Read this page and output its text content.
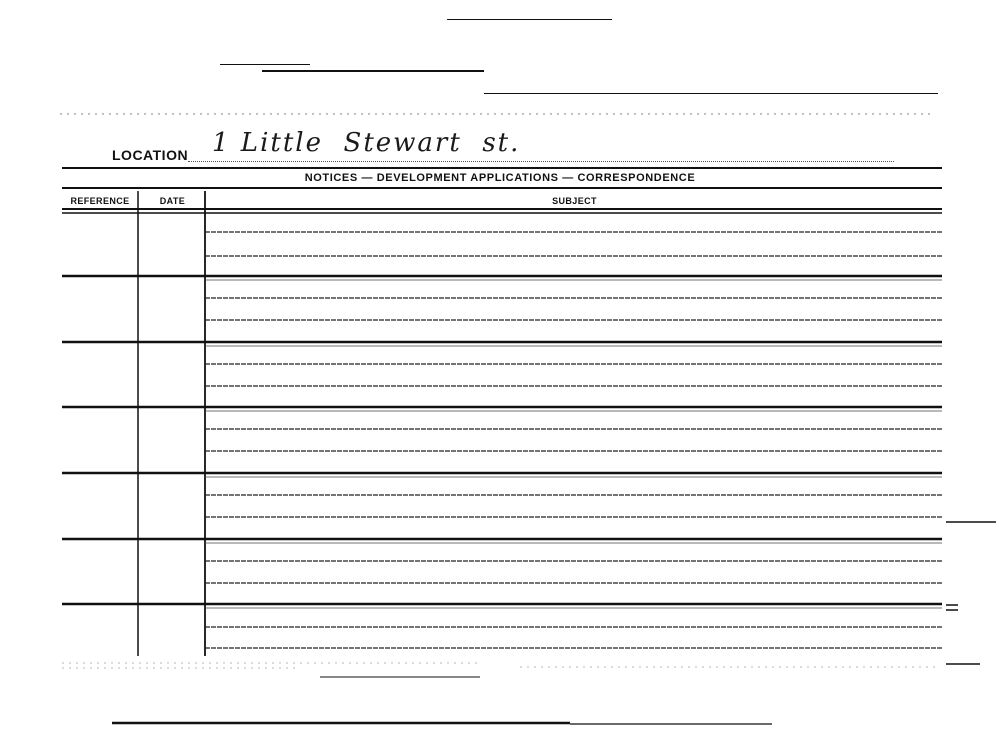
LOCATION 1 Little  Stewart  st.
NOTICES — DEVELOPMENT APPLICATIONS — CORRESPONDENCE
REFERENCE	DATE	SUBJECT
